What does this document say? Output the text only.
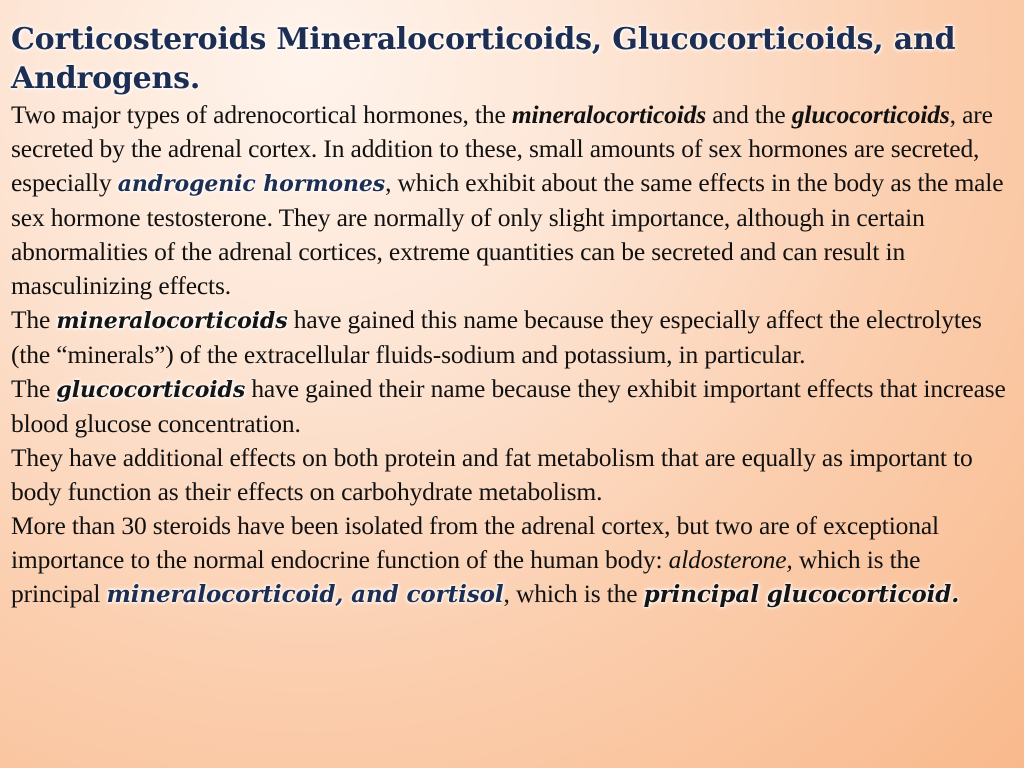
Corticosteroids Mineralocorticoids, Glucocorticoids, and Androgens.

Two major types of adrenocortical hormones, the mineralocorticoids and the glucocorticoids, are secreted by the adrenal cortex. In addition to these, small amounts of sex hormones are secreted, especially androgenic hormones, which exhibit about the same effects in the body as the male sex hormone testosterone. They are normally of only slight importance, although in certain abnormalities of the adrenal cortices, extreme quantities can be secreted and can result in masculinizing effects.

The mineralocorticoids have gained this name because they especially affect the electrolytes (the “minerals”) of the extracellular fluids-sodium and potassium, in particular.

The glucocorticoids have gained their name because they exhibit important effects that increase blood glucose concentration.

They have additional effects on both protein and fat metabolism that are equally as important to body function as their effects on carbohydrate metabolism.

More than 30 steroids have been isolated from the adrenal cortex, but two are of exceptional importance to the normal endocrine function of the human body: aldosterone, which is the principal mineralocorticoid, and cortisol, which is the principal glucocorticoid.
